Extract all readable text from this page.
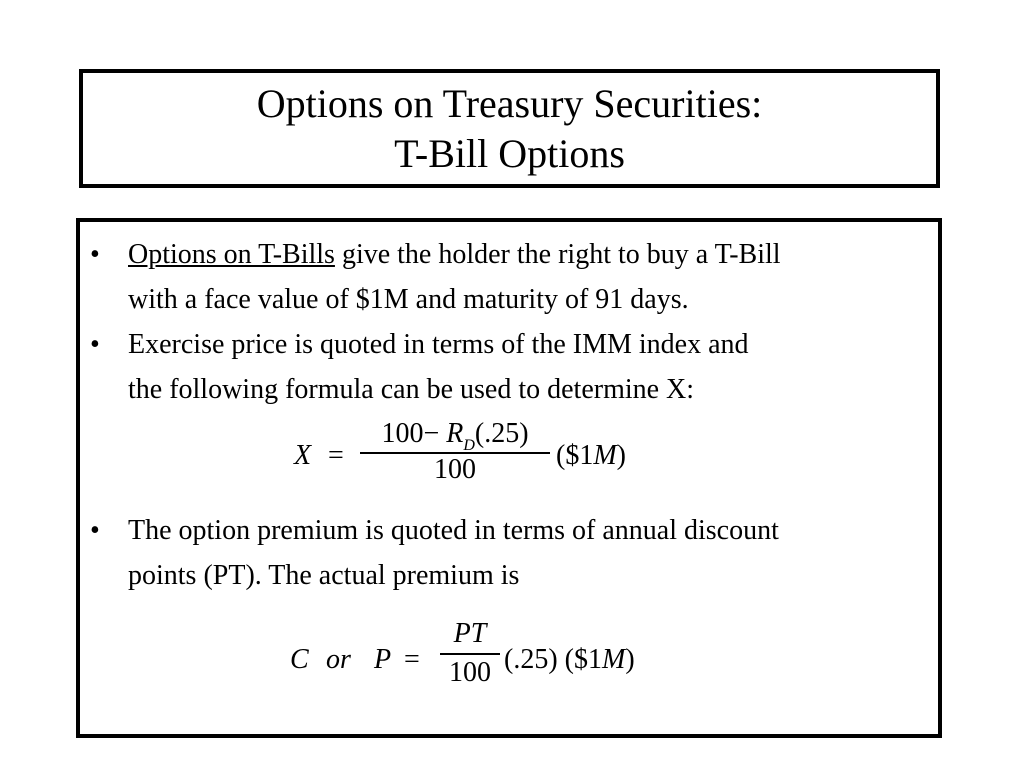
Options on Treasury Securities:
T-Bill Options
• Options on T-Bills give the holder the right to buy a T-Bill
with a face value of $1M and maturity of 91 days.
• Exercise price is quoted in terms of the IMM index and
the following formula can be used to determine X:
X =
$100- R_D(.25)$
100	($1M)
• The option premium is quoted in terms of annual discount
points (PT). The actual premium is
C or P =
PT
100 (.25) ($1M)
